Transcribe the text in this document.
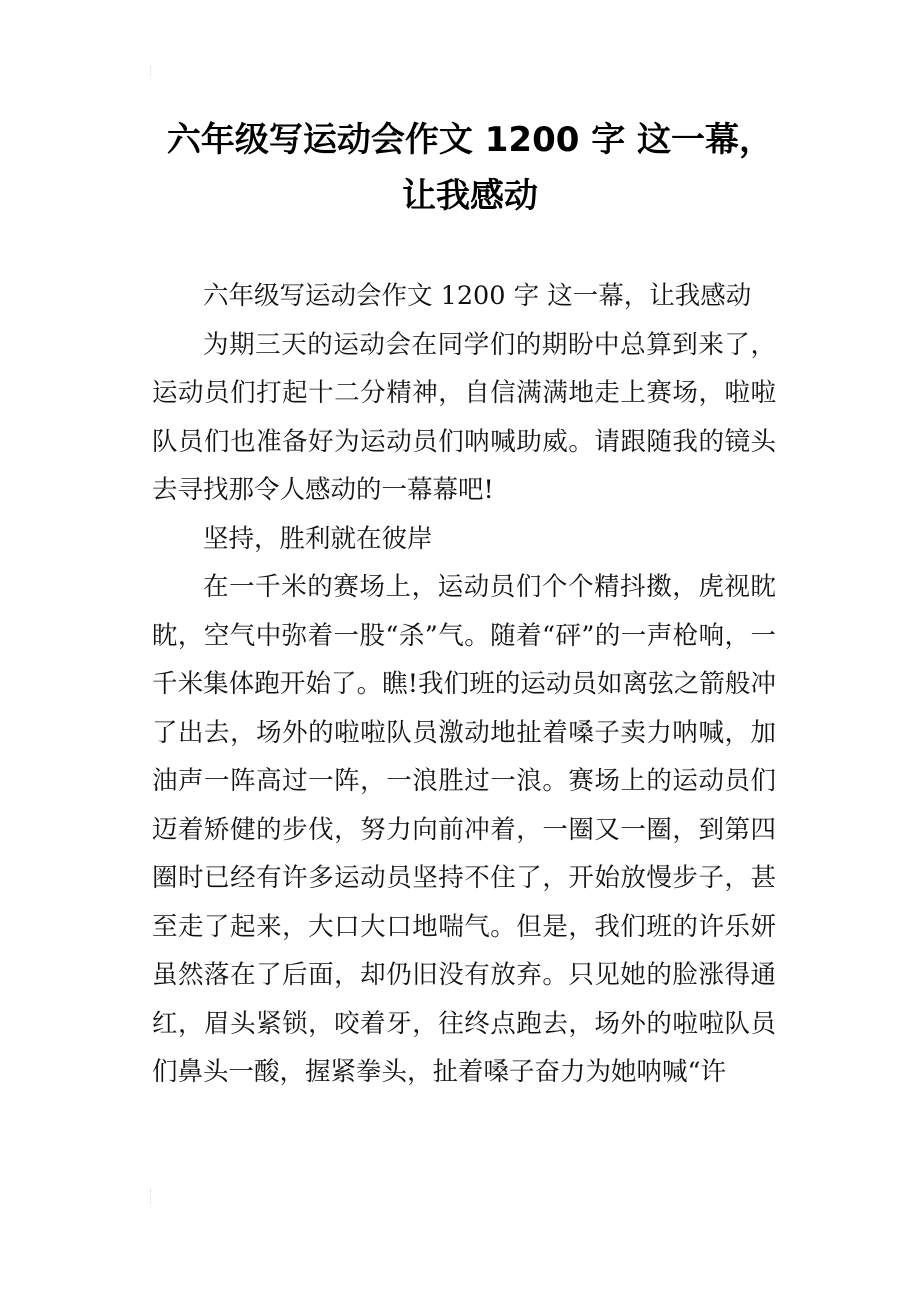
六年级写运动会作文 1200 字 这一幕，
让我感动

六年级写运动会作文 1200 字 这一幕，让我感动

为期三天的运动会在同学们的期盼中总算到来了，运动员们打起十二分精神，自信满满地走上赛场，啦啦队员们也准备好为运动员们呐喊助威。请跟随我的镜头去寻找那令人感动的一幕幕吧!

坚持，胜利就在彼岸

在一千米的赛场上，运动员们个个精抖擞，虎视眈眈，空气中弥着一股“杀”气。随着“砰”的一声枪响，一千米集体跑开始了。瞧!我们班的运动员如离弦之箭般冲了出去，场外的啦啦队员激动地扯着嗓子卖力呐喊，加油声一阵高过一阵，一浪胜过一浪。赛场上的运动员们迈着矫健的步伐，努力向前冲着，一圈又一圈，到第四圈时已经有许多运动员坚持不住了，开始放慢步子，甚至走了起来，大口大口地喘气。但是，我们班的许乐妍虽然落在了后面，却仍旧没有放弃。只见她的脸涨得通红，眉头紧锁，咬着牙，往终点跑去，场外的啦啦队员们鼻头一酸，握紧拳头，扯着嗓子奋力为她呐喊“许
